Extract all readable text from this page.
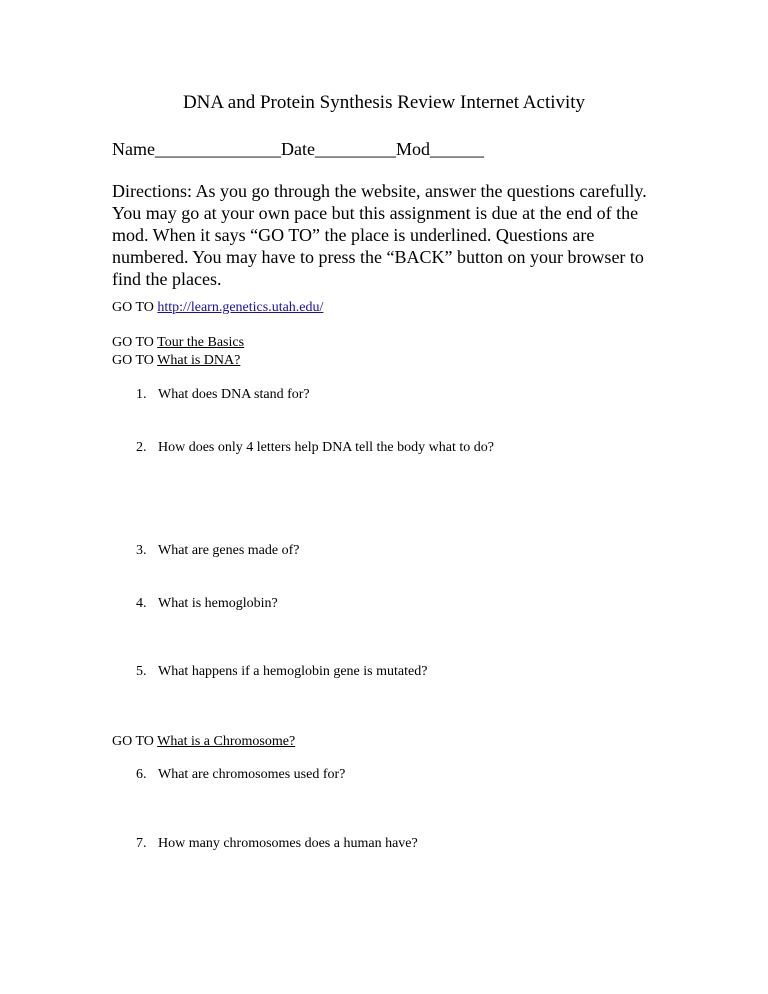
DNA and Protein Synthesis Review Internet Activity
Name______________Date_________Mod______

Directions: As you go through the website, answer the questions carefully.
You may go at your own pace but this assignment is due at the end of the
mod. When it says “GO TO” the place is underlined. Questions are
numbered. You may have to press the “BACK” button on your browser to
find the places.

GO TO http://learn.genetics.utah.edu/
GO TO Tour the Basics
GO TO What is DNA?
1. What does DNA stand for?
2. How does only 4 letters help DNA tell the body what to do?
3. What are genes made of?
4. What is hemoglobin?
5. What happens if a hemoglobin gene is mutated?
GO TO What is a Chromosome?
6. What are chromosomes used for?
7. How many chromosomes does a human have?
